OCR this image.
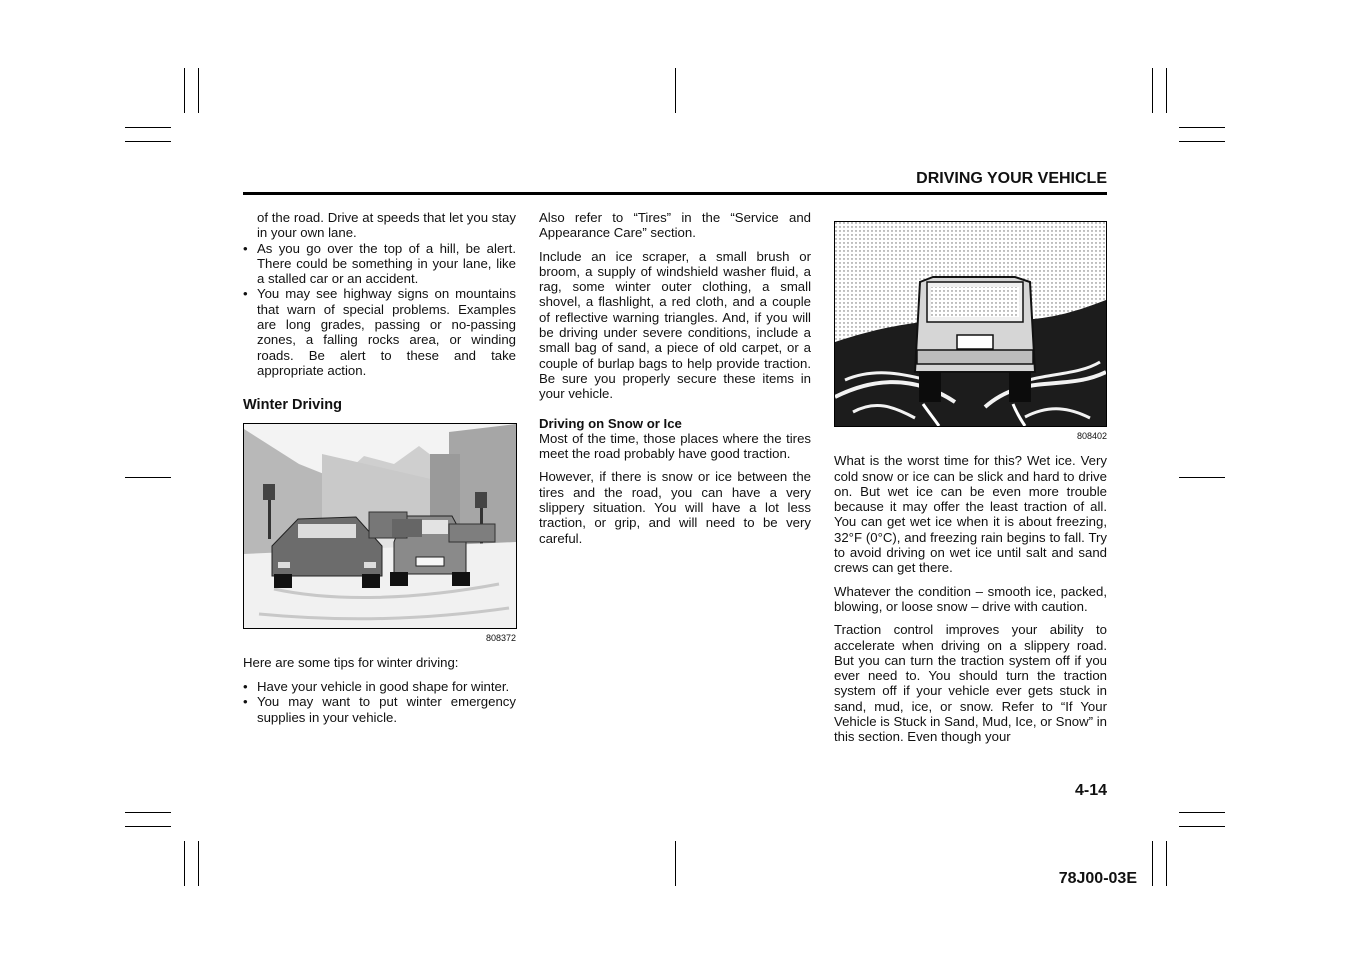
DRIVING YOUR VEHICLE
of the road. Drive at speeds that let you stay in your own lane.
• As you go over the top of a hill, be alert. There could be something in your lane, like a stalled car or an accident.
• You may see highway signs on mountains that warn of special problems. Examples are long grades, passing or no-passing zones, a falling rocks area, or winding roads. Be alert to these and take appropriate action.
Winter Driving
808372

Here are some tips for winter driving:

• Have your vehicle in good shape for winter.
• You may want to put winter emergency supplies in your vehicle.

Also refer to “Tires” in the “Service and Appearance Care” section.

Include an ice scraper, a small brush or broom, a supply of windshield washer fluid, a rag, some winter outer clothing, a small shovel, a flashlight, a red cloth, and a couple of reflective warning triangles. And, if you will be driving under severe conditions, include a small bag of sand, a piece of old carpet, or a couple of burlap bags to help provide traction. Be sure you properly secure these items in your vehicle.

Driving on Snow or Ice

Most of the time, those places where the tires meet the road probably have good traction.

However, if there is snow or ice between the tires and the road, you can have a very slippery situation. You will have a lot less traction, or grip, and will need to be very careful.

808402

What is the worst time for this? Wet ice. Very cold snow or ice can be slick and hard to drive on. But wet ice can be even more trouble because it may offer the least traction of all. You can get wet ice when it is about freezing, 32°F (0°C), and freezing rain begins to fall. Try to avoid driving on wet ice until salt and sand crews can get there.

Whatever the condition – smooth ice, packed, blowing, or loose snow – drive with caution.

Traction control improves your ability to accelerate when driving on a slippery road. But you can turn the traction system off if you ever need to. You should turn the traction system off if your vehicle ever gets stuck in sand, mud, ice, or snow. Refer to “If Your Vehicle is Stuck in Sand, Mud, Ice, or Snow” in this section. Even though your

4-14
78J00-03E
